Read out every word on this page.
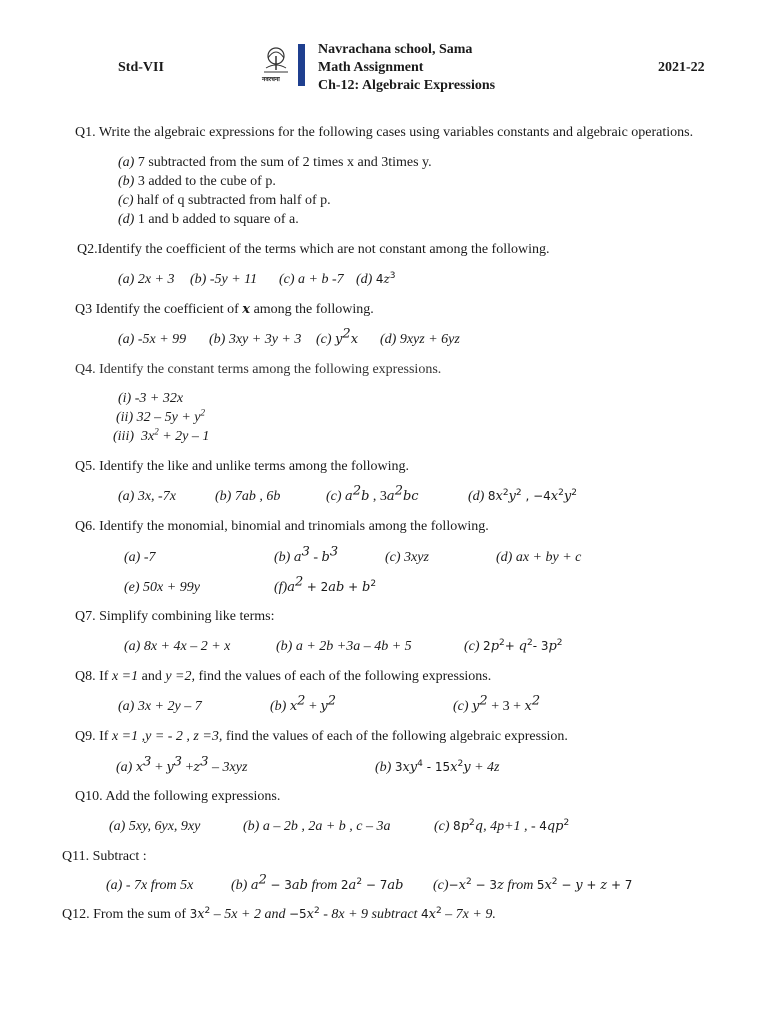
Std-VII
नवरचना
Navrachana school, Sama
Math Assignment
Ch-12: Algebraic Expressions
2021-22
Q1. Write the algebraic expressions for the following cases using variables constants and algebraic operations.
(a) 7 subtracted from the sum of 2 times x and 3times y.
(b) 3 added to the cube of p.
(c) half of q subtracted from half of p.
(d) 1 and b added to square of a.
Q2.Identify the coefficient of the terms which are not constant among the following.
(a) 2x + 3 (b) -5y + 11 (c) a + b -7 (d) $4z^3$
Q3 Identify the coefficient of x among the following.
(a) -5x + 99 (b) 3xy + 3y + 3 (c) $y^2x$ (d) 9xyz + 6yz
Q4. Identify the constant terms among the following expressions.
(i) -3 + 32x
(ii) $32 - 5y + y^2$
(iii) $3x^2 + 2y - 1$
Q5. Identify the like and unlike terms among the following.
(a) 3x, -7x	(b) 7ab , 6b	(c) $a^2b$ , $3a^2bc$	(d) $8x^2y^2$ , $-4x^2y^2$
Q6. Identify the monomial, binomial and trinomials among the following.
(a) -7	(b) $a^3 - b^3$	(c) 3xyz	(d) ax + by + c
(e) 50x + 99y	$(f)a^2 + 2ab + b^2$
Q7. Simplify combining like terms:
(a) 8x + 4x – 2 + x	(b) a + 2b +3a – 4b + 5	(c) $2p^2+ q^2-$ $3p^2$
Q8. If x =1 and y =2, find the values of each of the following expressions.
(a) 3x + 2y – 7	(b) $x^2 + y^2$	(c) $y^2 + 3 + x^2$
Q9. If x =1 ,y = - 2 , z =3, find the values of each of the following algebraic expression.
(a) $x^3 + y^3 +z^3 - 3xyz$	(b) $3xy^4 - 15x^2y + 4z$
Q10. Add the following expressions.
(a) 5xy, 6yx, 9xy	(b) a – 2b , 2a + b , c – 3a	(c) $8p^2q$, 4p+1 , - $4qp^2$
Q11. Subtract :
(a) - 7x from 5x	(b) $a^2 - 3ab$ from $2a^2 - 7ab$ $(c)-x^2 - 3z$ from $5x^2 - y + z + 7$
Q12. From the sum of $3x^2 - 5x + 2$ and $-5x^2 - 8x + 9$ subtract $4x^2 - 7x + 9$.
